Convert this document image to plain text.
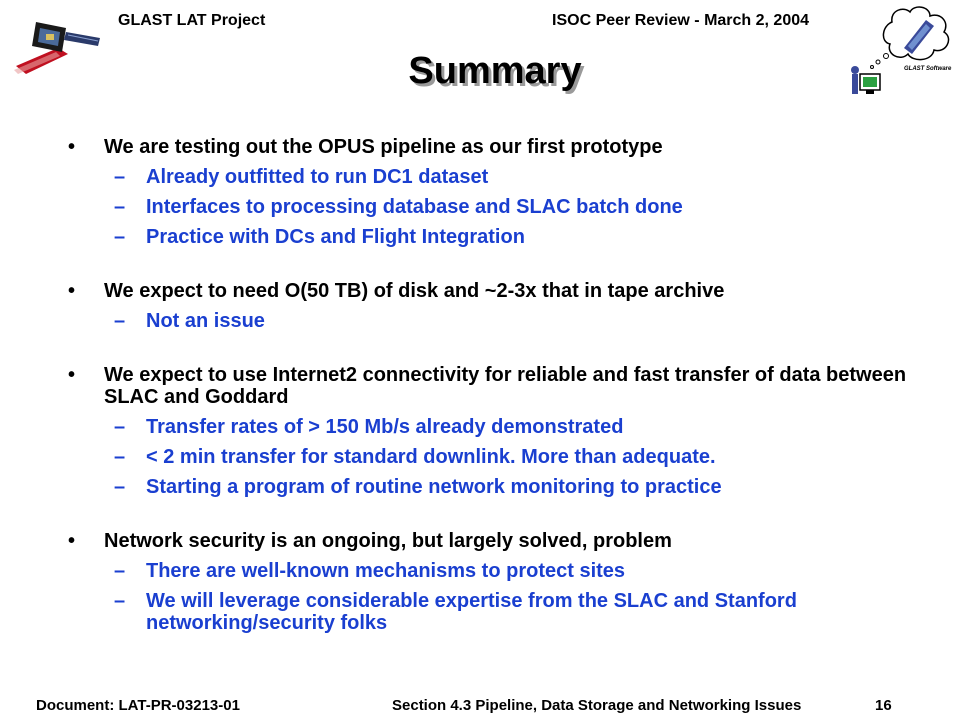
GLAST LAT Project	ISOC Peer Review - March 2, 2004
GLAST Software
Summary
• We are testing out the OPUS pipeline as our first prototype
– Already outfitted to run DC1 dataset
– Interfaces to processing database and SLAC batch done
– Practice with DCs and Flight Integration
• We expect to need O(50 TB) of disk and ~2-3x that in tape archive
– Not an issue
• We expect to use Internet2 connectivity for reliable and fast transfer of data between SLAC and Goddard
– Transfer rates of > 150 Mb/s already demonstrated
– < 2 min transfer for standard downlink. More than adequate.
– Starting a program of routine network monitoring to practice
• Network security is an ongoing, but largely solved, problem
– There are well-known mechanisms to protect sites
– We will leverage considerable expertise from the SLAC and Stanford networking/security folks
Document: LAT-PR-03213-01	Section 4.3 Pipeline, Data Storage and Networking Issues	16
